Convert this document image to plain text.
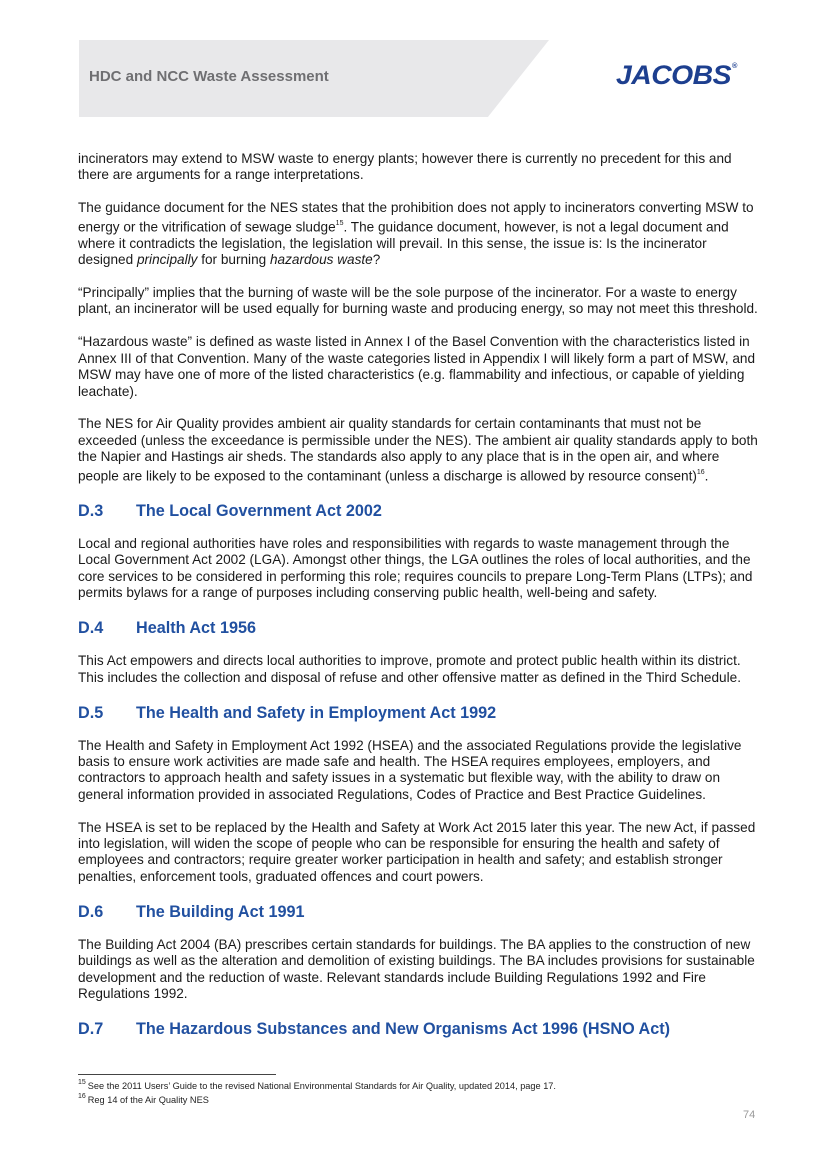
HDC and NCC Waste Assessment	JACOBS®

incinerators may extend to MSW waste to energy plants; however there is currently no precedent for this and there are arguments for a range interpretations.

The guidance document for the NES states that the prohibition does not apply to incinerators converting MSW to energy or the vitrification of sewage sludge$^{15}$. The guidance document, however, is not a legal document and where it contradicts the legislation, the legislation will prevail. In this sense, the issue is: Is the incinerator designed principally for burning hazardous waste?

“Principally” implies that the burning of waste will be the sole purpose of the incinerator. For a waste to energy plant, an incinerator will be used equally for burning waste and producing energy, so may not meet this threshold.

“Hazardous waste” is defined as waste listed in Annex I of the Basel Convention with the characteristics listed in Annex III of that Convention. Many of the waste categories listed in Appendix I will likely form a part of MSW, and MSW may have one of more of the listed characteristics (e.g. flammability and infectious, or capable of yielding leachate).

The NES for Air Quality provides ambient air quality standards for certain contaminants that must not be exceeded (unless the exceedance is permissible under the NES). The ambient air quality standards apply to both the Napier and Hastings air sheds. The standards also apply to any place that is in the open air, and where people are likely to be exposed to the contaminant (unless a discharge is allowed by resource consent)$^{16}$.

D.3	The Local Government Act 2002

Local and regional authorities have roles and responsibilities with regards to waste management through the Local Government Act 2002 (LGA). Amongst other things, the LGA outlines the roles of local authorities, and the core services to be considered in performing this role; requires councils to prepare Long-Term Plans (LTPs); and permits bylaws for a range of purposes including conserving public health, well-being and safety.

D.4	Health Act 1956

This Act empowers and directs local authorities to improve, promote and protect public health within its district. This includes the collection and disposal of refuse and other offensive matter as defined in the Third Schedule.

D.5	The Health and Safety in Employment Act 1992

The Health and Safety in Employment Act 1992 (HSEA) and the associated Regulations provide the legislative basis to ensure work activities are made safe and health. The HSEA requires employees, employers, and contractors to approach health and safety issues in a systematic but flexible way, with the ability to draw on general information provided in associated Regulations, Codes of Practice and Best Practice Guidelines.

The HSEA is set to be replaced by the Health and Safety at Work Act 2015 later this year. The new Act, if passed into legislation, will widen the scope of people who can be responsible for ensuring the health and safety of employees and contractors; require greater worker participation in health and safety; and establish stronger penalties, enforcement tools, graduated offences and court powers.

D.6	The Building Act 1991

The Building Act 2004 (BA) prescribes certain standards for buildings. The BA applies to the construction of new buildings as well as the alteration and demolition of existing buildings. The BA includes provisions for sustainable development and the reduction of waste. Relevant standards include Building Regulations 1992 and Fire Regulations 1992.

D.7	The Hazardous Substances and New Organisms Act 1996 (HSNO Act)
$^{15}$ See the 2011 Users’ Guide to the revised National Environmental Standards for Air Quality, updated 2014, page 17.
$^{16}$ Reg 14 of the Air Quality NES
74
